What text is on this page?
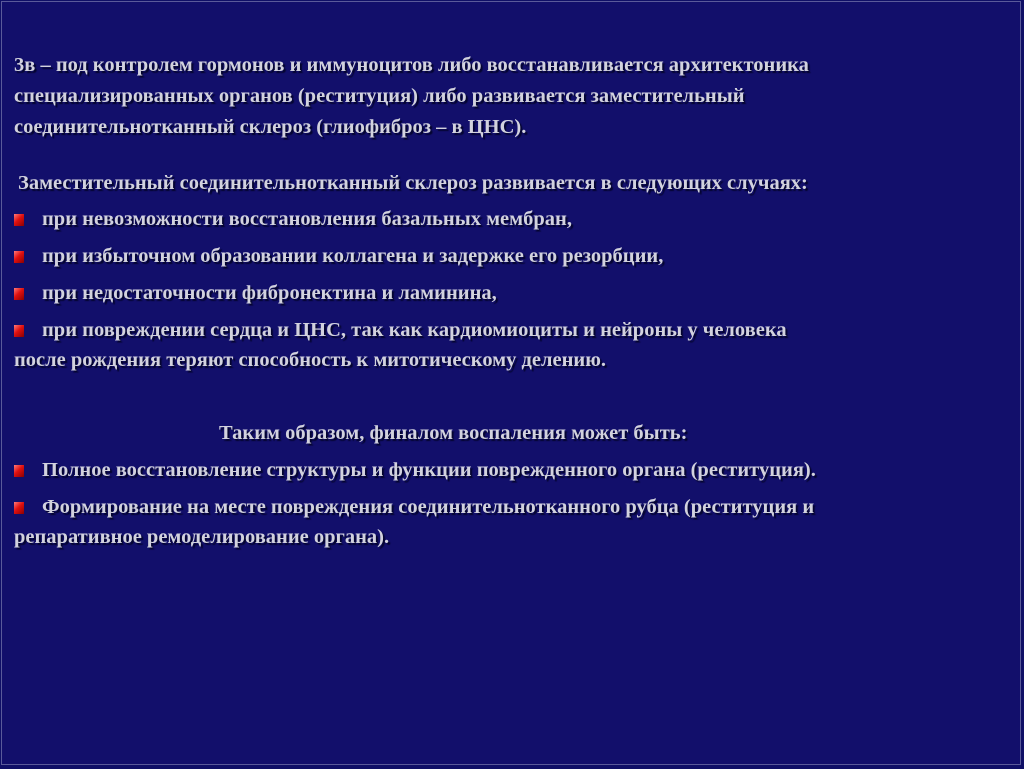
3в – под контролем гормонов и иммуноцитов либо восстанавливается архитектоника

специализированных органов (реституция) либо развивается заместительный

соединительнотканный склероз (глиофиброз – в ЦНС).

Заместительный соединительнотканный склероз развивается в следующих случаях:

при невозможности восстановления базальных мембран,
при избыточном образовании коллагена и задержке его резорбции,
при недостаточности фибронектина и ламинина,
при повреждении сердца и ЦНС, так как кардиомиоциты и нейроны у человека

после рождения теряют способность к митотическому делению.

Таким образом, финалом воспаления может быть:

Полное восстановление структуры и функции поврежденного органа (реституция).
Формирование на месте повреждения соединительнотканного рубца (реституция и

репаративное ремоделирование органа).
